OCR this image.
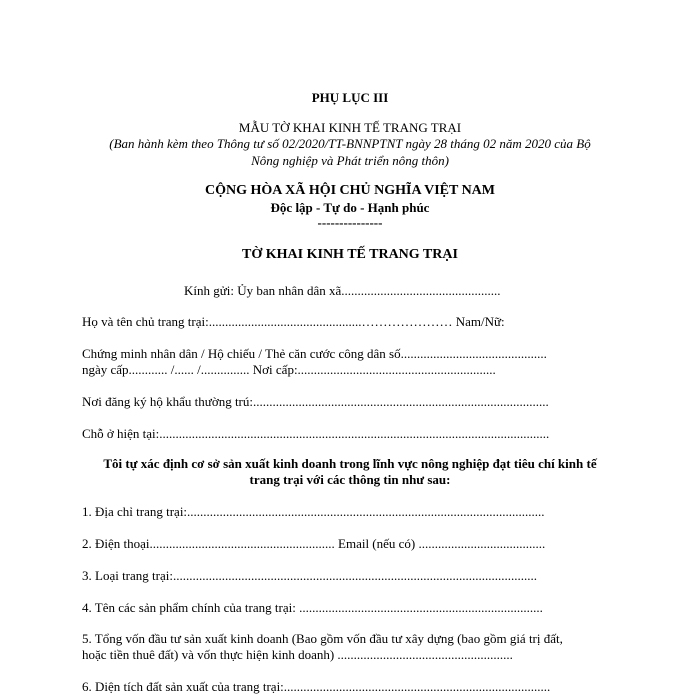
PHỤ LỤC III
MẪU TỜ KHAI KINH TẾ TRANG TRẠI
(Ban hành kèm theo Thông tư số 02/2020/TT-BNNPTNT ngày 28 tháng 02 năm 2020 của Bộ
Nông nghiệp và Phát triển nông thôn)
CỘNG HÒA XÃ HỘI CHỦ NGHĨA VIỆT NAM
Độc lập - Tự do - Hạnh phúc
---------------
TỜ KHAI KINH TẾ TRANG TRẠI
Kính gửi: Ủy ban nhân dân xã.................................................
Họ và tên chủ trang trại:...............................................………………… Nam/Nữ:
Chứng minh nhân dân / Hộ chiếu / Thẻ căn cước công dân số.............................................
ngày cấp............ /...... /............... Nơi cấp:.............................................................
Nơi đăng ký hộ khẩu thường trú:...........................................................................................
Chỗ ở hiện tại:........................................................................................................................
Tôi tự xác định cơ sở sản xuất kinh doanh trong lĩnh vực nông nghiệp đạt tiêu chí kinh tế
trang trại với các thông tin như sau:
1. Địa chỉ trang trại:..............................................................................................................
2. Điện thoại......................................................... Email (nếu có) .......................................
3. Loại trang trại:................................................................................................................
4. Tên các sản phẩm chính của trang trại: ...........................................................................
5. Tổng vốn đầu tư sản xuất kinh doanh (Bao gồm vốn đầu tư xây dựng (bao gồm giá trị đất,
hoặc tiền thuê đất) và vốn thực hiện kinh doanh) ......................................................
6. Diện tích đất sản xuất của trang trại:..................................................................................
